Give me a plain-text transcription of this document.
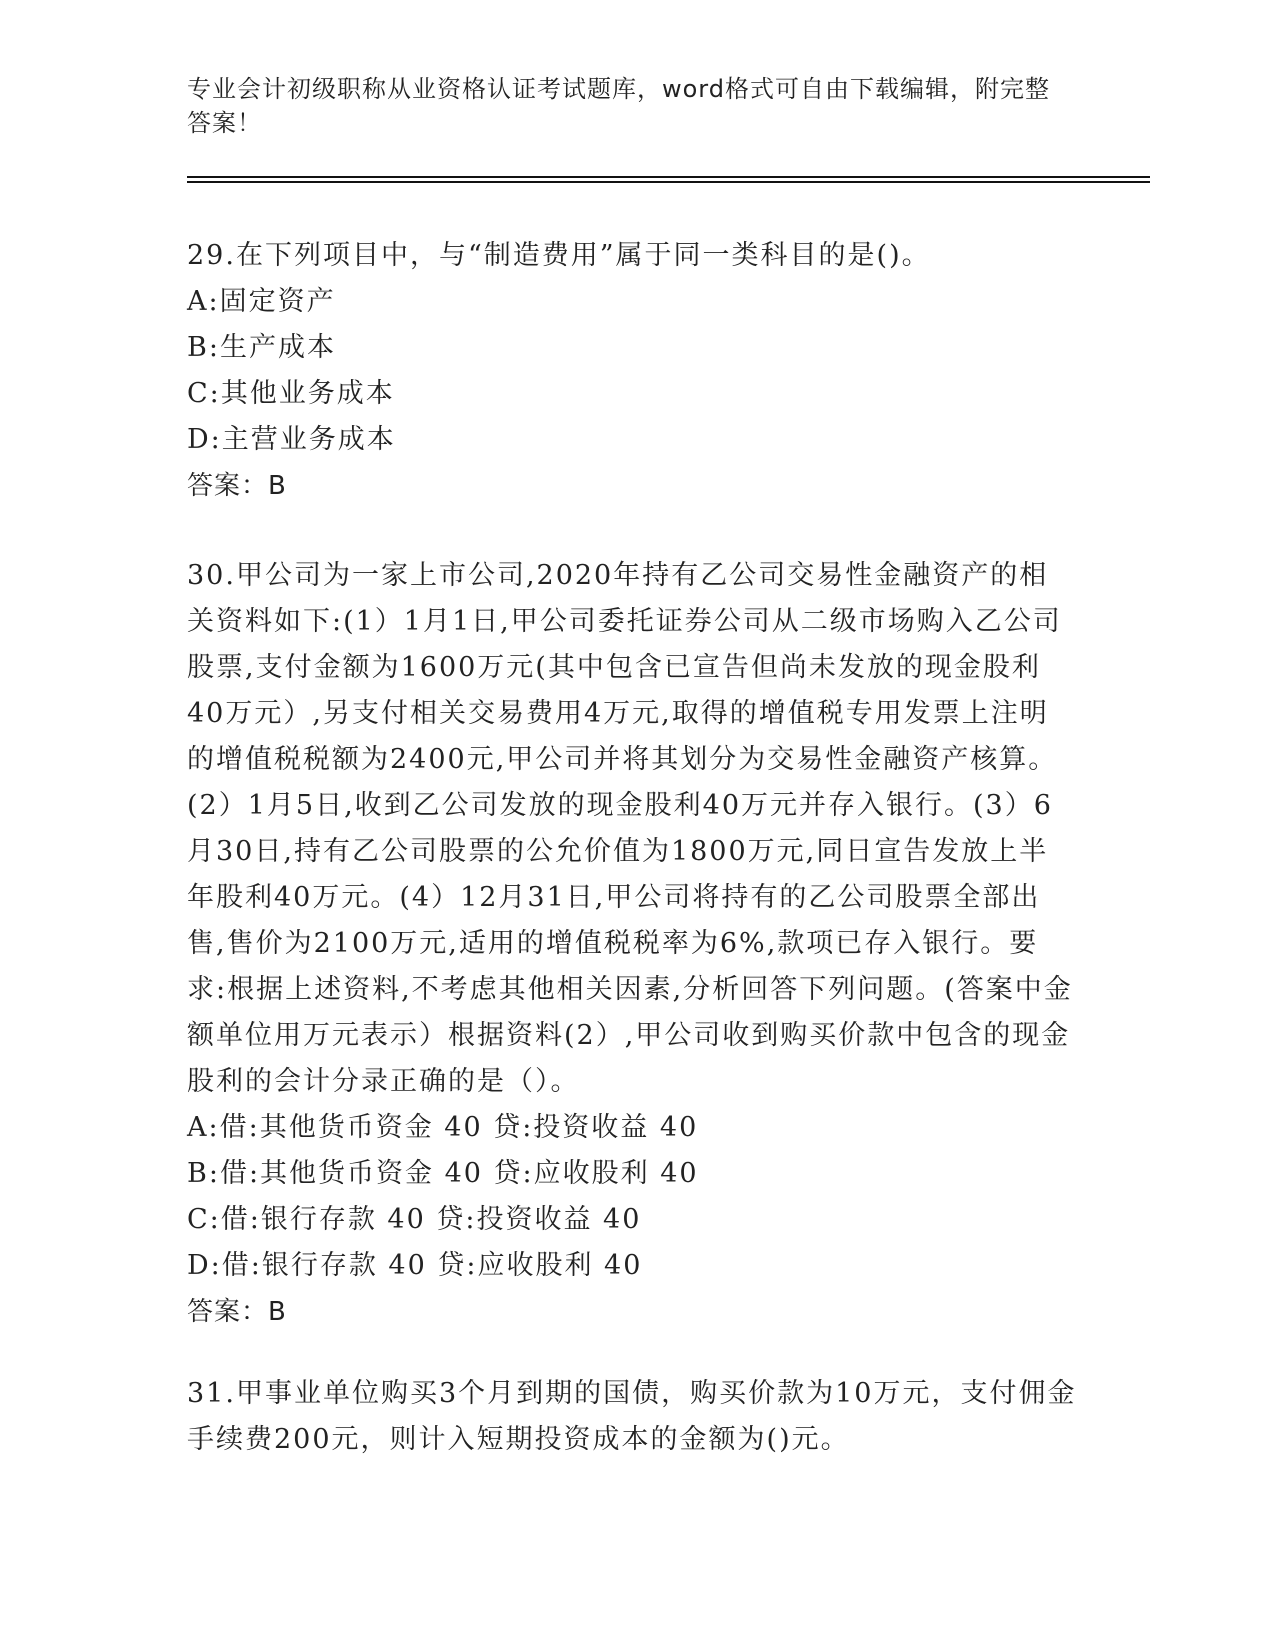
专业会计初级职称从业资格认证考试题库，word格式可自由下载编辑，附完整答案！

29.在下列项目中，与“制造费用”属于同一类科目的是()。

A:固定资产

B:生产成本

C:其他业务成本

D:主营业务成本

答案：B

30.甲公司为一家上市公司,2020年持有乙公司交易性金融资产的相关资料如下:(1）1月1日,甲公司委托证券公司从二级市场购入乙公司股票,支付金额为1600万元(其中包含已宣告但尚未发放的现金股利40万元）,另支付相关交易费用4万元,取得的增值税专用发票上注明的增值税税额为2400元,甲公司并将其划分为交易性金融资产核算。(2）1月5日,收到乙公司发放的现金股利40万元并存入银行。(3）6月30日,持有乙公司股票的公允价值为1800万元,同日宣告发放上半年股利40万元。(4）12月31日,甲公司将持有的乙公司股票全部出售,售价为2100万元,适用的增值税税率为6%,款项已存入银行。要求:根据上述资料,不考虑其他相关因素,分析回答下列问题。(答案中金额单位用万元表示）根据资料(2）,甲公司收到购买价款中包含的现金股利的会计分录正确的是（）。

A:借:其他货币资金 40 贷:投资收益 40

B:借:其他货币资金 40 贷:应收股利 40

C:借:银行存款 40 贷:投资收益 40

D:借:银行存款 40 贷:应收股利 40

答案：B

31.甲事业单位购买3个月到期的国债，购买价款为10万元，支付佣金手续费200元，则计入短期投资成本的金额为()元。
